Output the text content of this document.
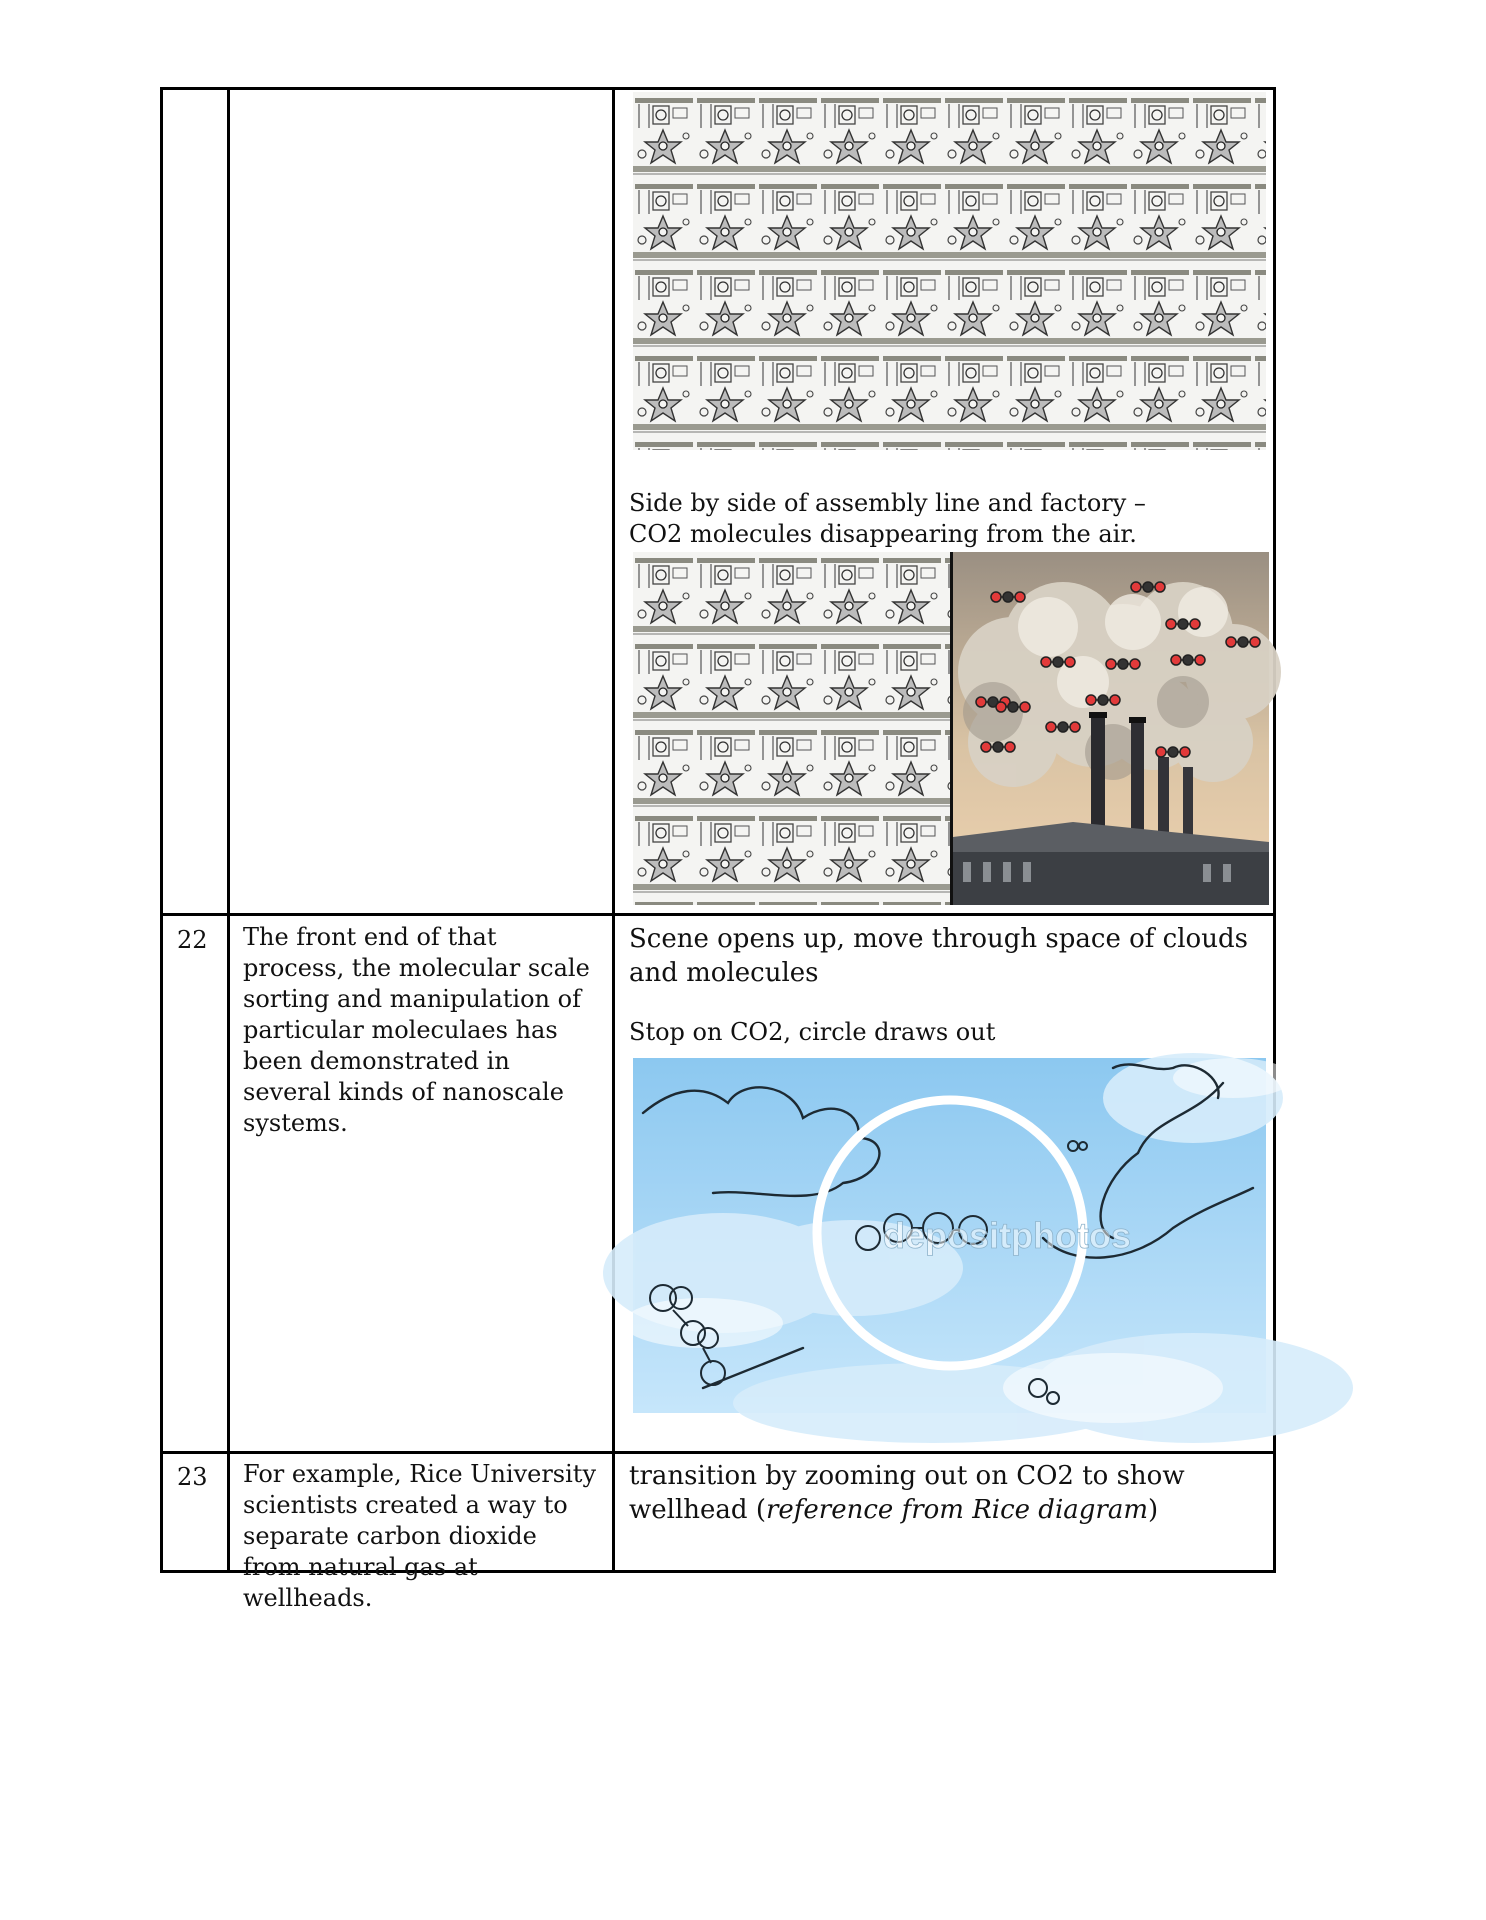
Side by side of assembly line and factory – CO2 molecules disappearing from the air.
22 The front end of that process, the molecular scale sorting and manipulation of particular moleculaes has been demonstrated in several kinds of nanoscale systems.
Scene opens up, move through space of clouds and molecules
Stop on CO2, circle draws out
depositphotos
23 For example, Rice University scientists created a way to separate carbon dioxide from natural gas at wellheads.
transition by zooming out on CO2 to show wellhead (reference from Rice diagram)
